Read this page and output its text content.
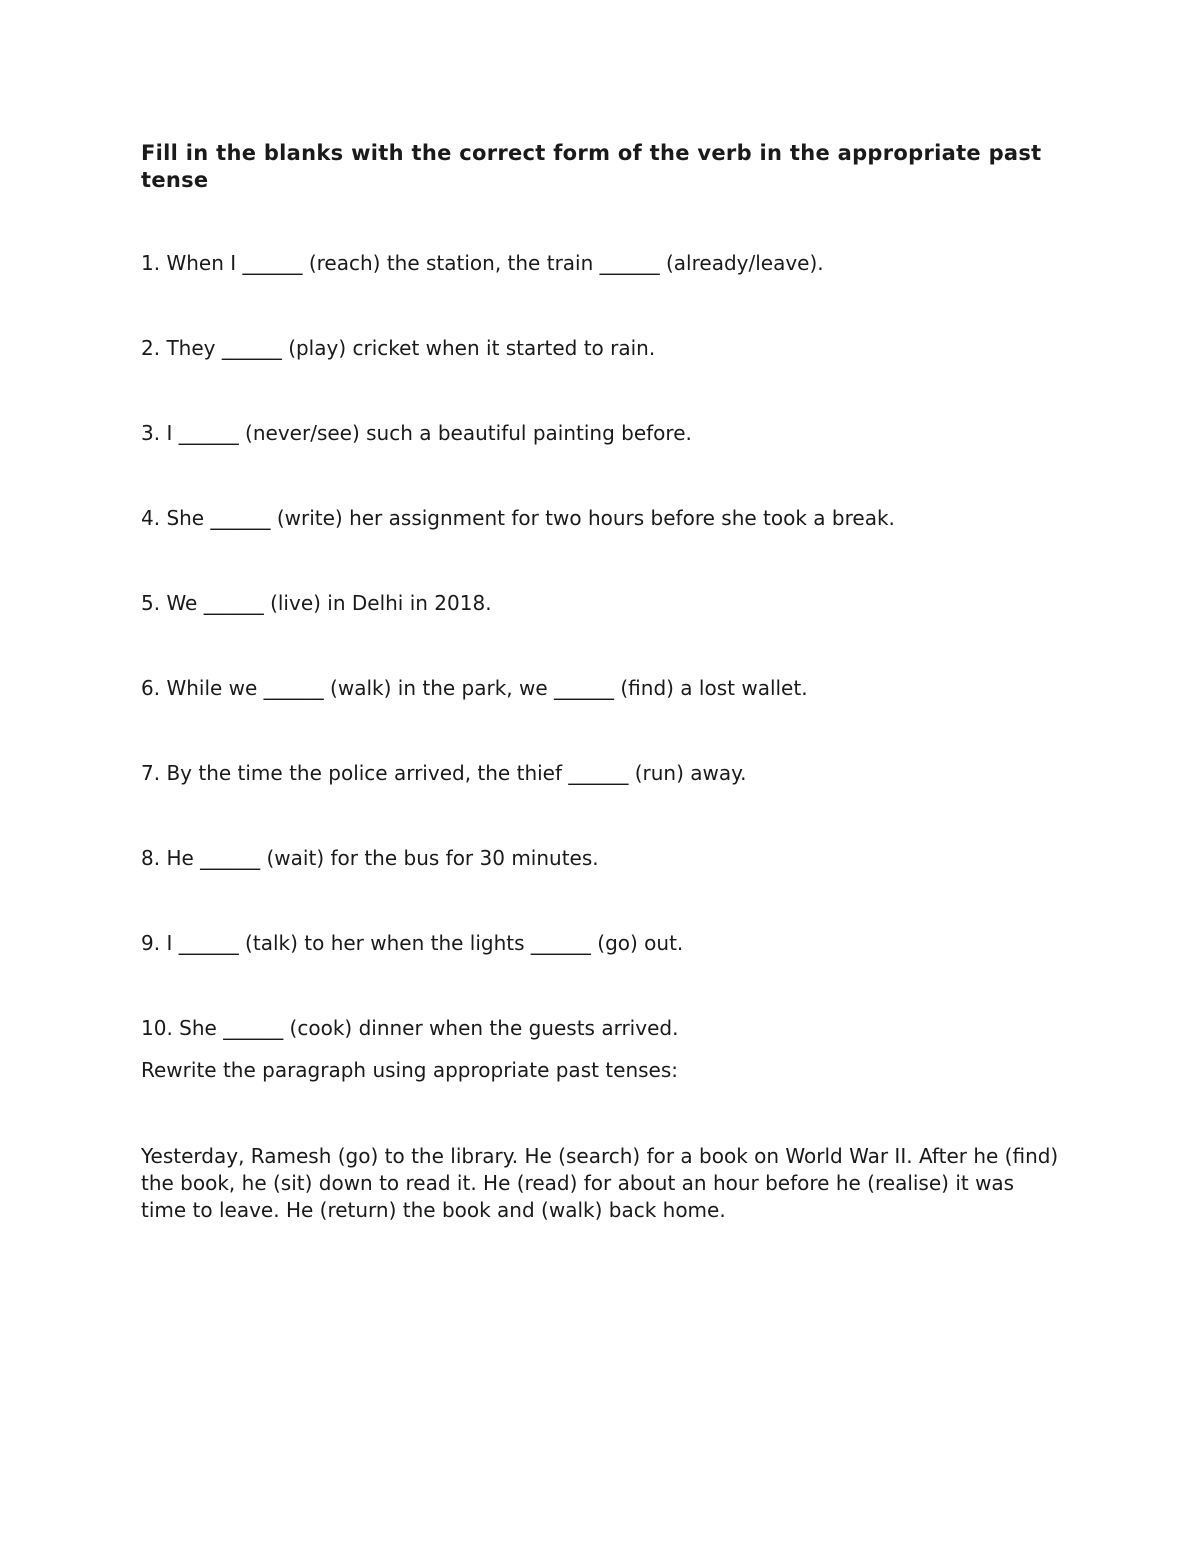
Fill in the blanks with the correct form of the verb in the appropriate past tense
1. When I ______ (reach) the station, the train ______ (already/leave).
2. They ______ (play) cricket when it started to rain.
3. I ______ (never/see) such a beautiful painting before.
4. She ______ (write) her assignment for two hours before she took a break.
5. We ______ (live) in Delhi in 2018.
6. While we ______ (walk) in the park, we ______ (find) a lost wallet.
7. By the time the police arrived, the thief ______ (run) away.
8. He ______ (wait) for the bus for 30 minutes.
9. I ______ (talk) to her when the lights ______ (go) out.
10. She ______ (cook) dinner when the guests arrived.
Rewrite the paragraph using appropriate past tenses:
Yesterday, Ramesh (go) to the library. He (search) for a book on World War II. After he (find) the book, he (sit) down to read it. He (read) for about an hour before he (realise) it was time to leave. He (return) the book and (walk) back home.
